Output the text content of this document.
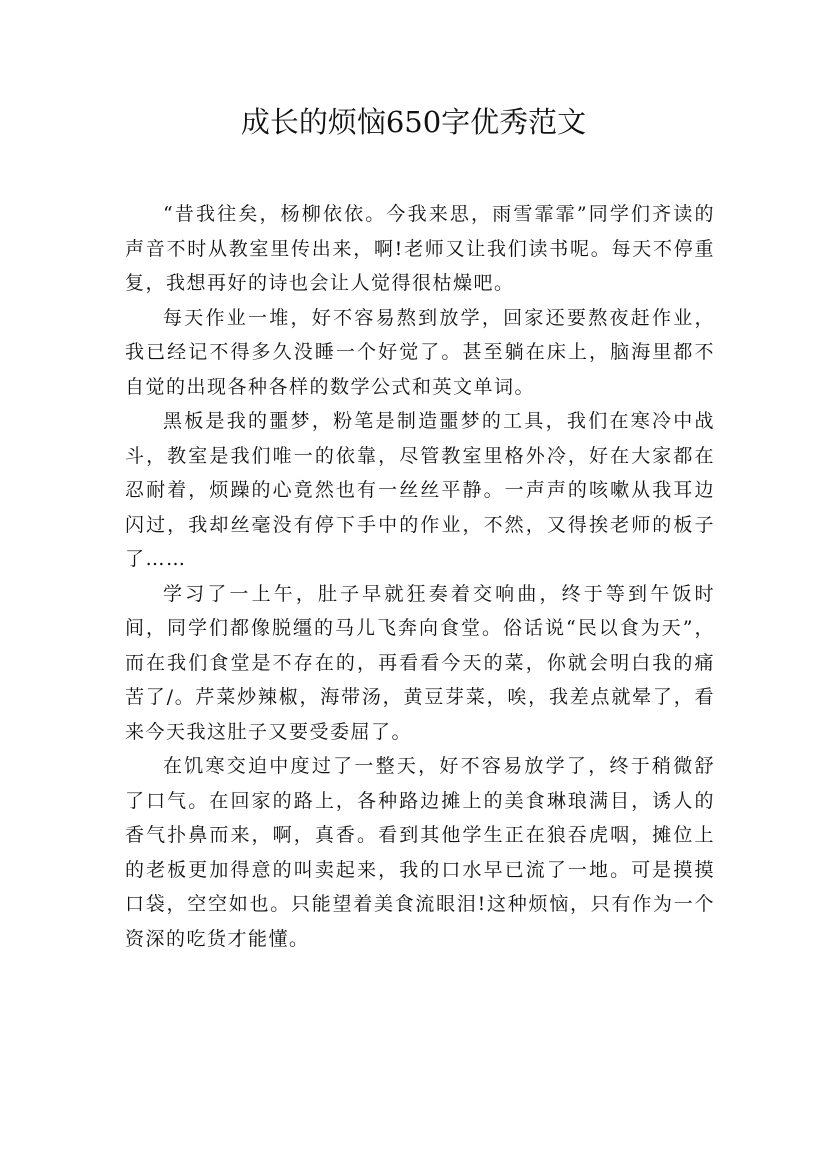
成长的烦恼650字优秀范文

“昔我往矣，杨柳依依。今我来思，雨雪霏霏”同学们齐读的声音不时从教室里传出来，啊!老师又让我们读书呢。每天不停重复，我想再好的诗也会让人觉得很枯燥吧。

每天作业一堆，好不容易熬到放学，回家还要熬夜赶作业，我已经记不得多久没睡一个好觉了。甚至躺在床上，脑海里都不自觉的出现各种各样的数学公式和英文单词。

黑板是我的噩梦，粉笔是制造噩梦的工具，我们在寒冷中战斗，教室是我们唯一的依靠，尽管教室里格外冷，好在大家都在忍耐着，烦躁的心竟然也有一丝丝平静。一声声的咳嗽从我耳边闪过，我却丝毫没有停下手中的作业，不然，又得挨老师的板子了……

学习了一上午，肚子早就狂奏着交响曲，终于等到午饭时间，同学们都像脱缰的马儿飞奔向食堂。俗话说“民以食为天”，而在我们食堂是不存在的，再看看今天的菜，你就会明白我的痛苦了/。芹菜炒辣椒，海带汤，黄豆芽菜，唉，我差点就晕了，看来今天我这肚子又要受委屈了。

在饥寒交迫中度过了一整天，好不容易放学了，终于稍微舒了口气。在回家的路上，各种路边摊上的美食琳琅满目，诱人的香气扑鼻而来，啊，真香。看到其他学生正在狼吞虎咽，摊位上的老板更加得意的叫卖起来，我的口水早已流了一地。可是摸摸口袋，空空如也。只能望着美食流眼泪!这种烦恼，只有作为一个资深的吃货才能懂。
